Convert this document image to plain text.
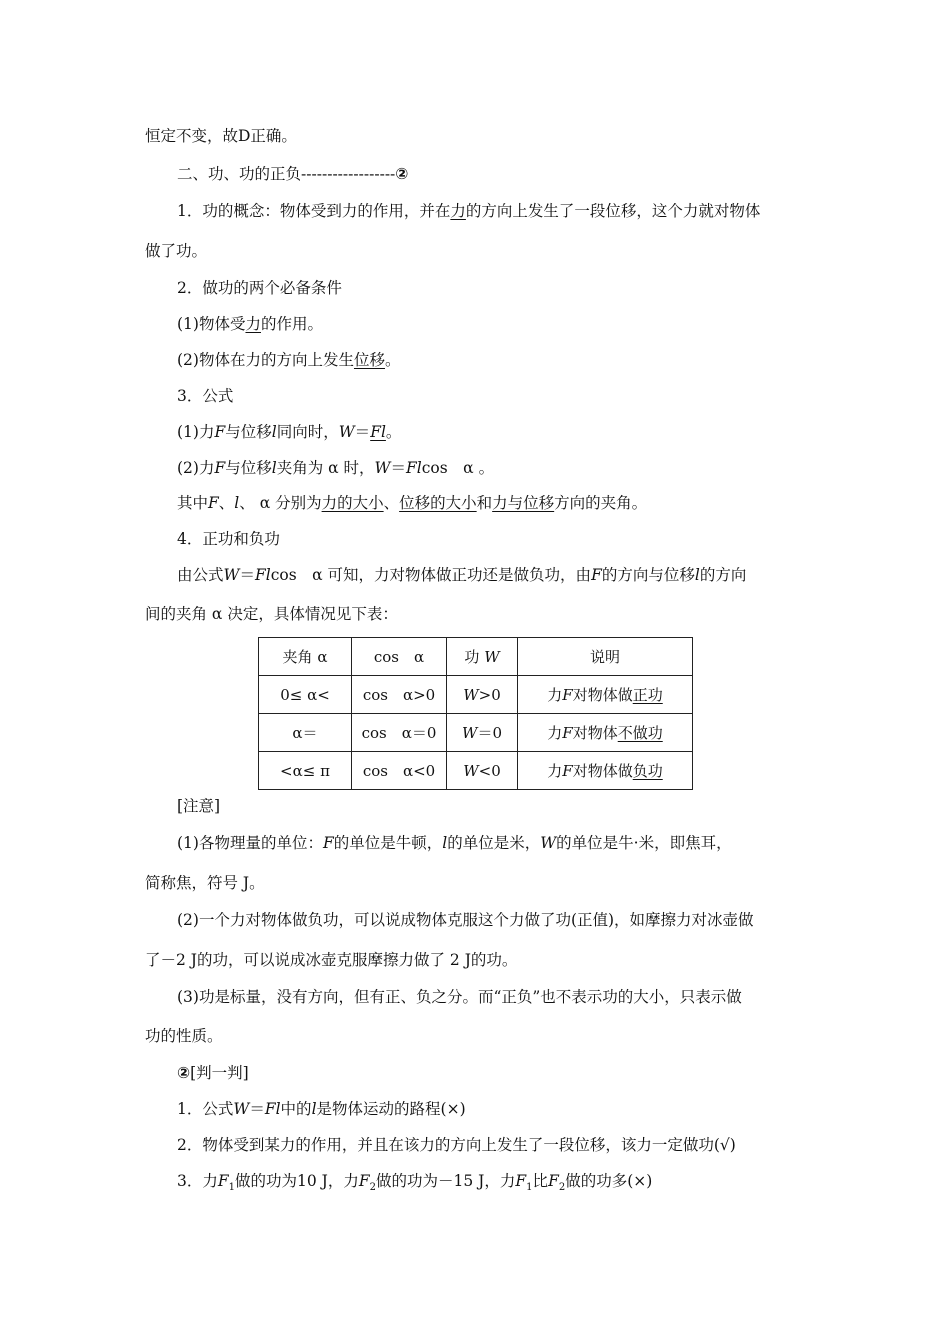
恒定不变，故D正确。
二、功、功的正负------------------②
1．功的概念：物体受到力的作用，并在力的方向上发生了一段位移，这个力就对物体
做了功。
2．做功的两个必备条件
(1)物体受力的作用。
(2)物体在力的方向上发生位移。
3．公式
(1)力F与位移l同向时，W＝Fl。
(2)力F与位移l夹角为 α 时，W＝Flcos　α 。
其中F、l、 α 分别为力的大小、位移的大小和力与位移方向的夹角。
4．正功和负功
由公式W＝Flcos　α 可知，力对物体做正功还是做负功，由F的方向与位移l的方向
间的夹角 α 决定，具体情况见下表：
夹角 α	cos　α	功 W	说明
0≤ α<	cos　α>0	W>0	力F对物体做正功
α＝	cos　α＝0	W＝0	力F对物体不做功
<α≤ π	cos　α<0	W<0	力F对物体做负功
[注意]
(1)各物理量的单位：F的单位是牛顿，l的单位是米，W的单位是牛·米，即焦耳，
简称焦，符号 J。
(2)一个力对物体做负功，可以说成物体克服这个力做了功(正值)，如摩擦力对冰壶做
了－2 J的功，可以说成冰壶克服摩擦力做了 2 J的功。
(3)功是标量，没有方向，但有正、负之分。而“正负”也不表示功的大小，只表示做
功的性质。
②[判一判]
1．公式W＝Fl中的l是物体运动的路程(×)
2．物体受到某力的作用，并且在该力的方向上发生了一段位移，该力一定做功(√)
3．力$F_1$做的功为10 J，力$F_2$做的功为－15 J，力$F_1$比$F_2$做的功多(×)
